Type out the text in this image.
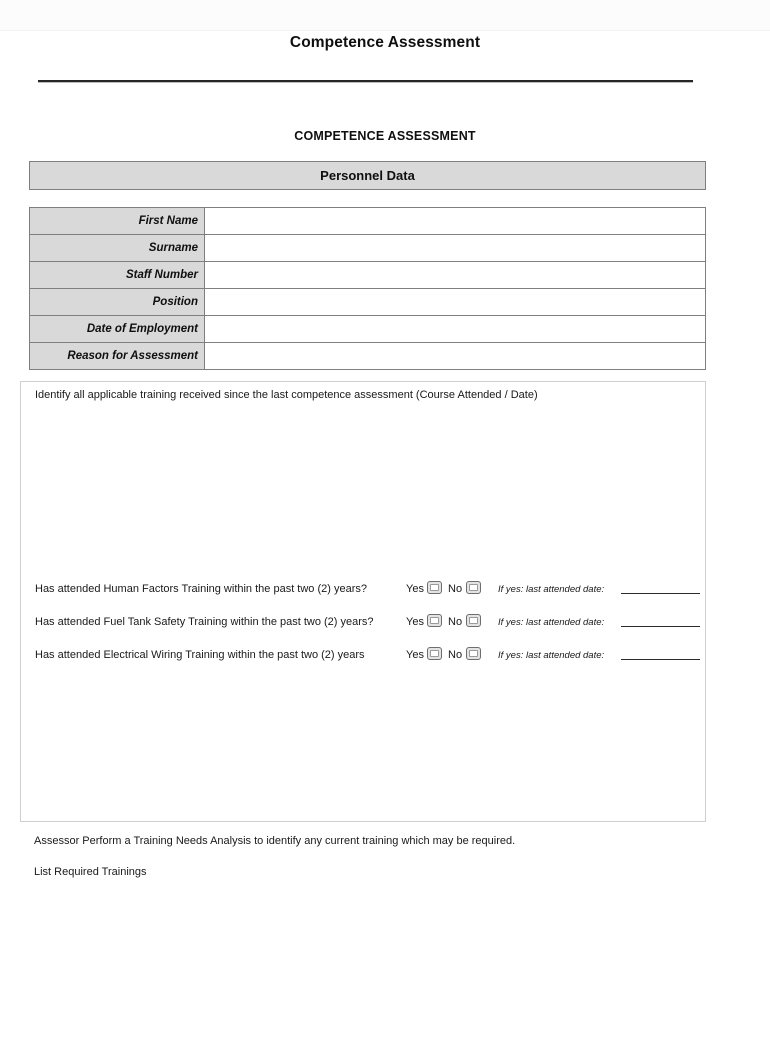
Competence Assessment
COMPETENCE ASSESSMENT
Personnel Data
First Name	
Surname	
Staff Number	
Position	
Date of Employment	
Reason for Assessment	
Identify all applicable training received since the last competence assessment (Course Attended / Date)
Has attended Human Factors Training within the past two (2) years?	Yes No	If yes: last attended date:
Has attended Fuel Tank Safety Training within the past two (2) years?	Yes No	If yes: last attended date:
Has attended Electrical Wiring Training within the past two (2) years	Yes No	If yes: last attended date:
Assessor Perform a Training Needs Analysis to identify any current training which may be required.
List Required Trainings
